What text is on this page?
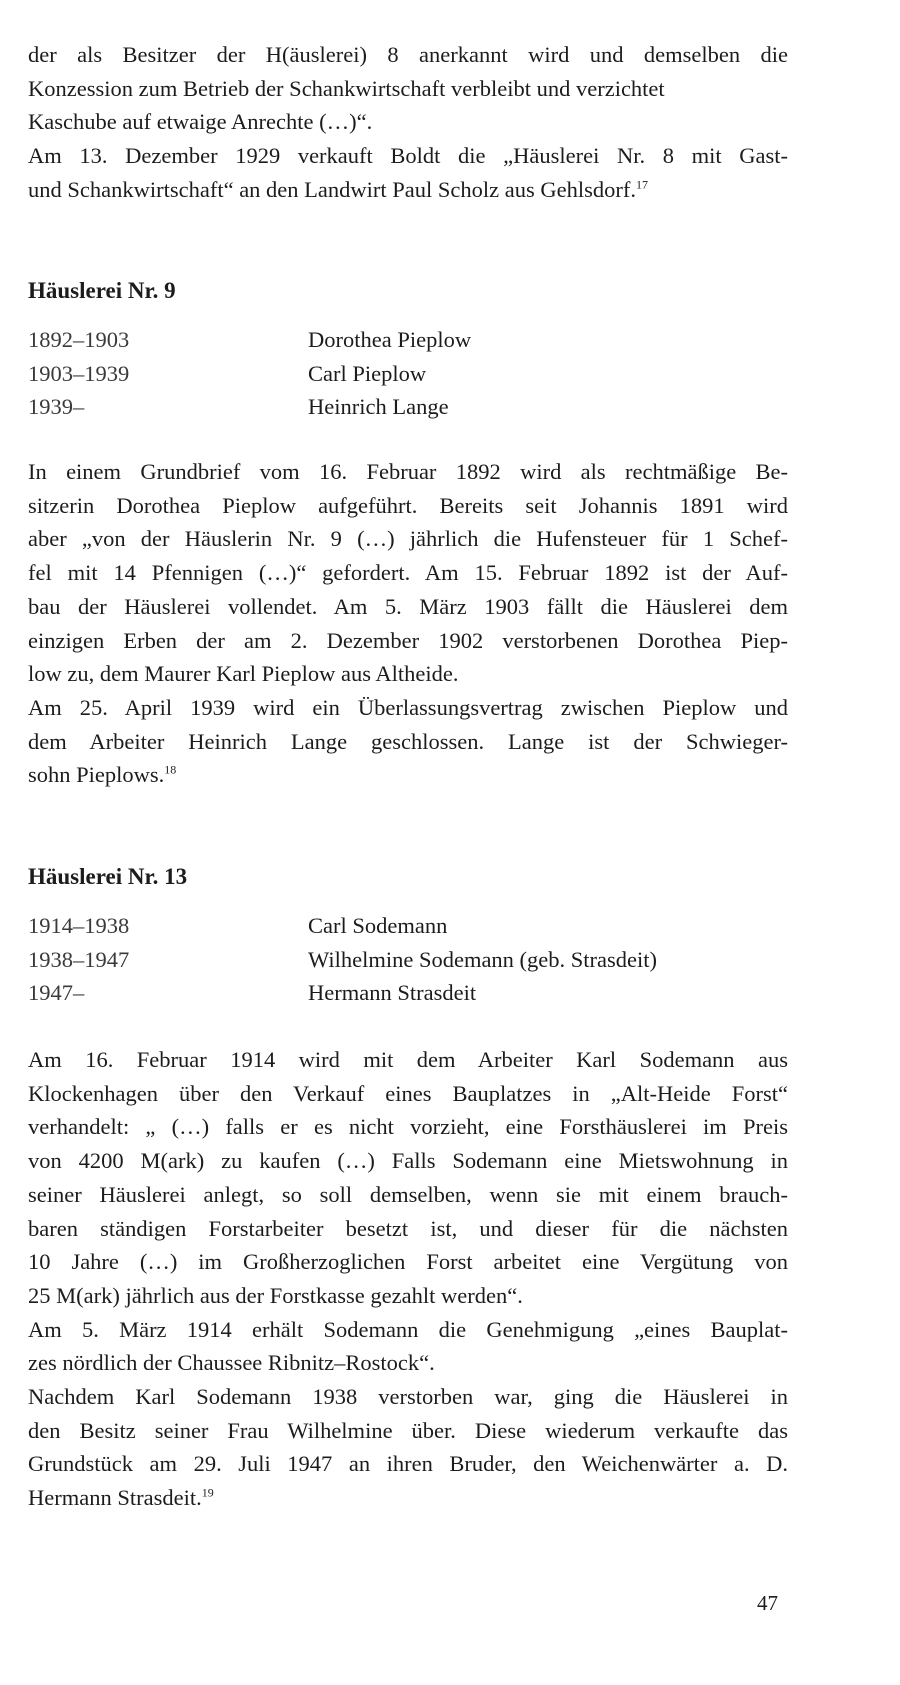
der als Besitzer der H(äuslerei) 8 anerkannt wird und demselben die
Konzession zum Betrieb der Schankwirtschaft verbleibt und verzichtet
Kaschube auf etwaige Anrechte (…)“.
Am 13. Dezember 1929 verkauft Boldt die „Häuslerei Nr. 8 mit Gast-
und Schankwirtschaft“ an den Landwirt Paul Scholz aus Gehlsdorf.$^{17}$
Häuslerei Nr. 9
1892–1903	Dorothea Pieplow
1903–1939	Carl Pieplow
1939–	Heinrich Lange
In einem Grundbrief vom 16. Februar 1892 wird als rechtmäßige Be-
sitzerin Dorothea Pieplow aufgeführt. Bereits seit Johannis 1891 wird
aber „von der Häuslerin Nr. 9 (…) jährlich die Hufensteuer für 1 Schef-
fel mit 14 Pfennigen (…)“ gefordert. Am 15. Februar 1892 ist der Auf-
bau der Häuslerei vollendet. Am 5. März 1903 fällt die Häuslerei dem
einzigen Erben der am 2. Dezember 1902 verstorbenen Dorothea Piep-
low zu, dem Maurer Karl Pieplow aus Altheide.
Am 25. April 1939 wird ein Überlassungsvertrag zwischen Pieplow und
dem Arbeiter Heinrich Lange geschlossen. Lange ist der Schwieger-
sohn Pieplows.$^{18}$
Häuslerei Nr. 13
1914–1938	Carl Sodemann
1938–1947	Wilhelmine Sodemann (geb. Strasdeit)
1947–	Hermann Strasdeit
Am 16. Februar 1914 wird mit dem Arbeiter Karl Sodemann aus
Klockenhagen über den Verkauf eines Bauplatzes in „Alt-Heide Forst“
verhandelt: „ (…) falls er es nicht vorzieht, eine Forsthäuslerei im Preis
von 4200 M(ark) zu kaufen (…) Falls Sodemann eine Mietswohnung in
seiner Häuslerei anlegt, so soll demselben, wenn sie mit einem brauch-
baren ständigen Forstarbeiter besetzt ist, und dieser für die nächsten
10 Jahre (…) im Großherzoglichen Forst arbeitet eine Vergütung von
25 M(ark) jährlich aus der Forstkasse gezahlt werden“.
Am 5. März 1914 erhält Sodemann die Genehmigung „eines Bauplat-
zes nördlich der Chaussee Ribnitz–Rostock“.
Nachdem Karl Sodemann 1938 verstorben war, ging die Häuslerei in
den Besitz seiner Frau Wilhelmine über. Diese wiederum verkaufte das
Grundstück am 29. Juli 1947 an ihren Bruder, den Weichenwärter a. D.
Hermann Strasdeit.$^{19}$
47
